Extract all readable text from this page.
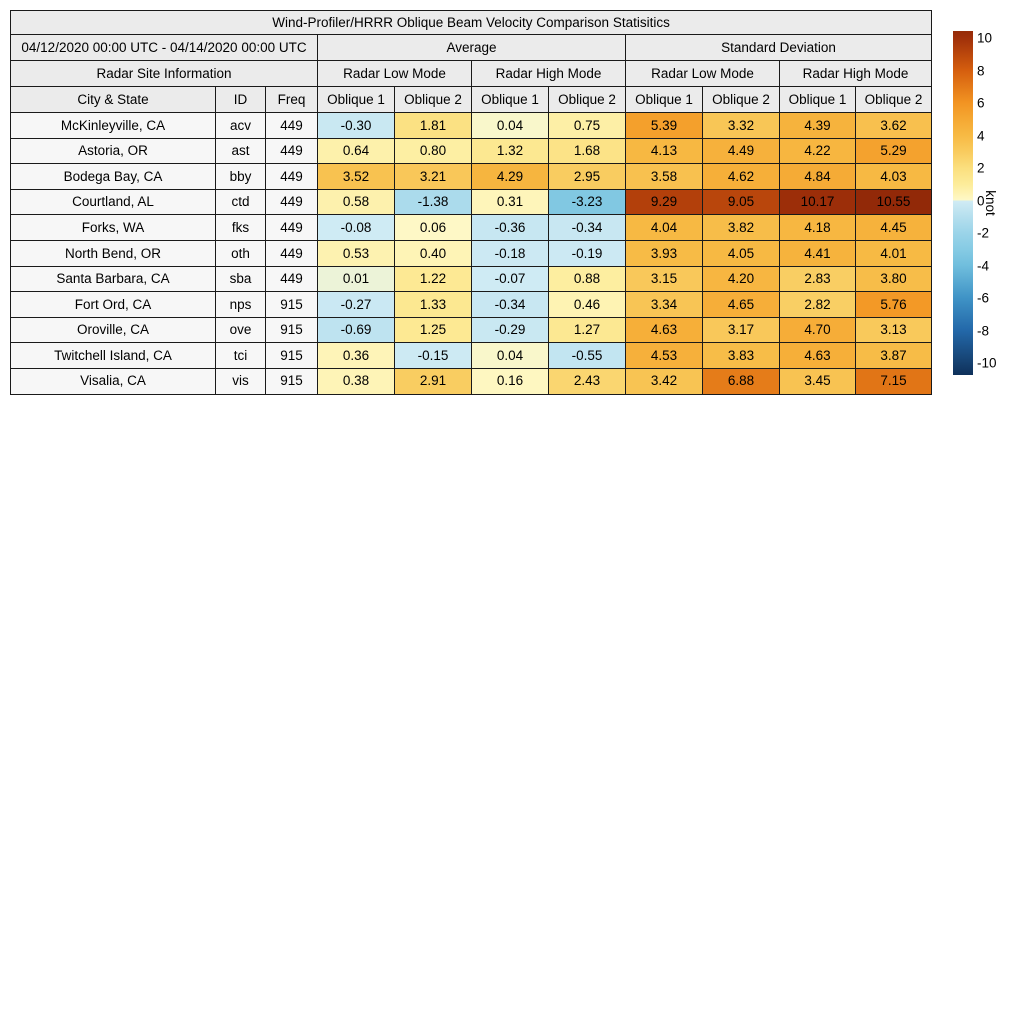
Wind-Profiler/HRRR Oblique Beam Velocity Comparison Statisitics										
04/12/2020 00:00 UTC - 04/14/2020 00:00 UTC			Average				Standard Deviation			
Radar Site Information			Radar Low Mode		Radar High Mode		Radar Low Mode		Radar High Mode	
City & State	ID	Freq	Oblique 1	Oblique 2	Oblique 1	Oblique 2	Oblique 1	Oblique 2	Oblique 1	Oblique 2
McKinleyville, CA	acv	449	-0.30	1.81	0.04	0.75	5.39	3.32	4.39	3.62
Astoria, OR	ast	449	0.64	0.80	1.32	1.68	4.13	4.49	4.22	5.29
Bodega Bay, CA	bby	449	3.52	3.21	4.29	2.95	3.58	4.62	4.84	4.03
Courtland, AL	ctd	449	0.58	-1.38	0.31	-3.23	9.29	9.05	10.17	10.55
Forks, WA	fks	449	-0.08	0.06	-0.36	-0.34	4.04	3.82	4.18	4.45
North Bend, OR	oth	449	0.53	0.40	-0.18	-0.19	3.93	4.05	4.41	4.01
Santa Barbara, CA	sba	449	0.01	1.22	-0.07	0.88	3.15	4.20	2.83	3.80
Fort Ord, CA	nps	915	-0.27	1.33	-0.34	0.46	3.34	4.65	2.82	5.76
Oroville, CA	ove	915	-0.69	1.25	-0.29	1.27	4.63	3.17	4.70	3.13
Twitchell Island, CA	tci	915	0.36	-0.15	0.04	-0.55	4.53	3.83	4.63	3.87
Visalia, CA	vis	915	0.38	2.91	0.16	2.43	3.42	6.88	3.45	7.15
10
8
6
4
2
0
-2
-4
-6
-8
-10
knot
